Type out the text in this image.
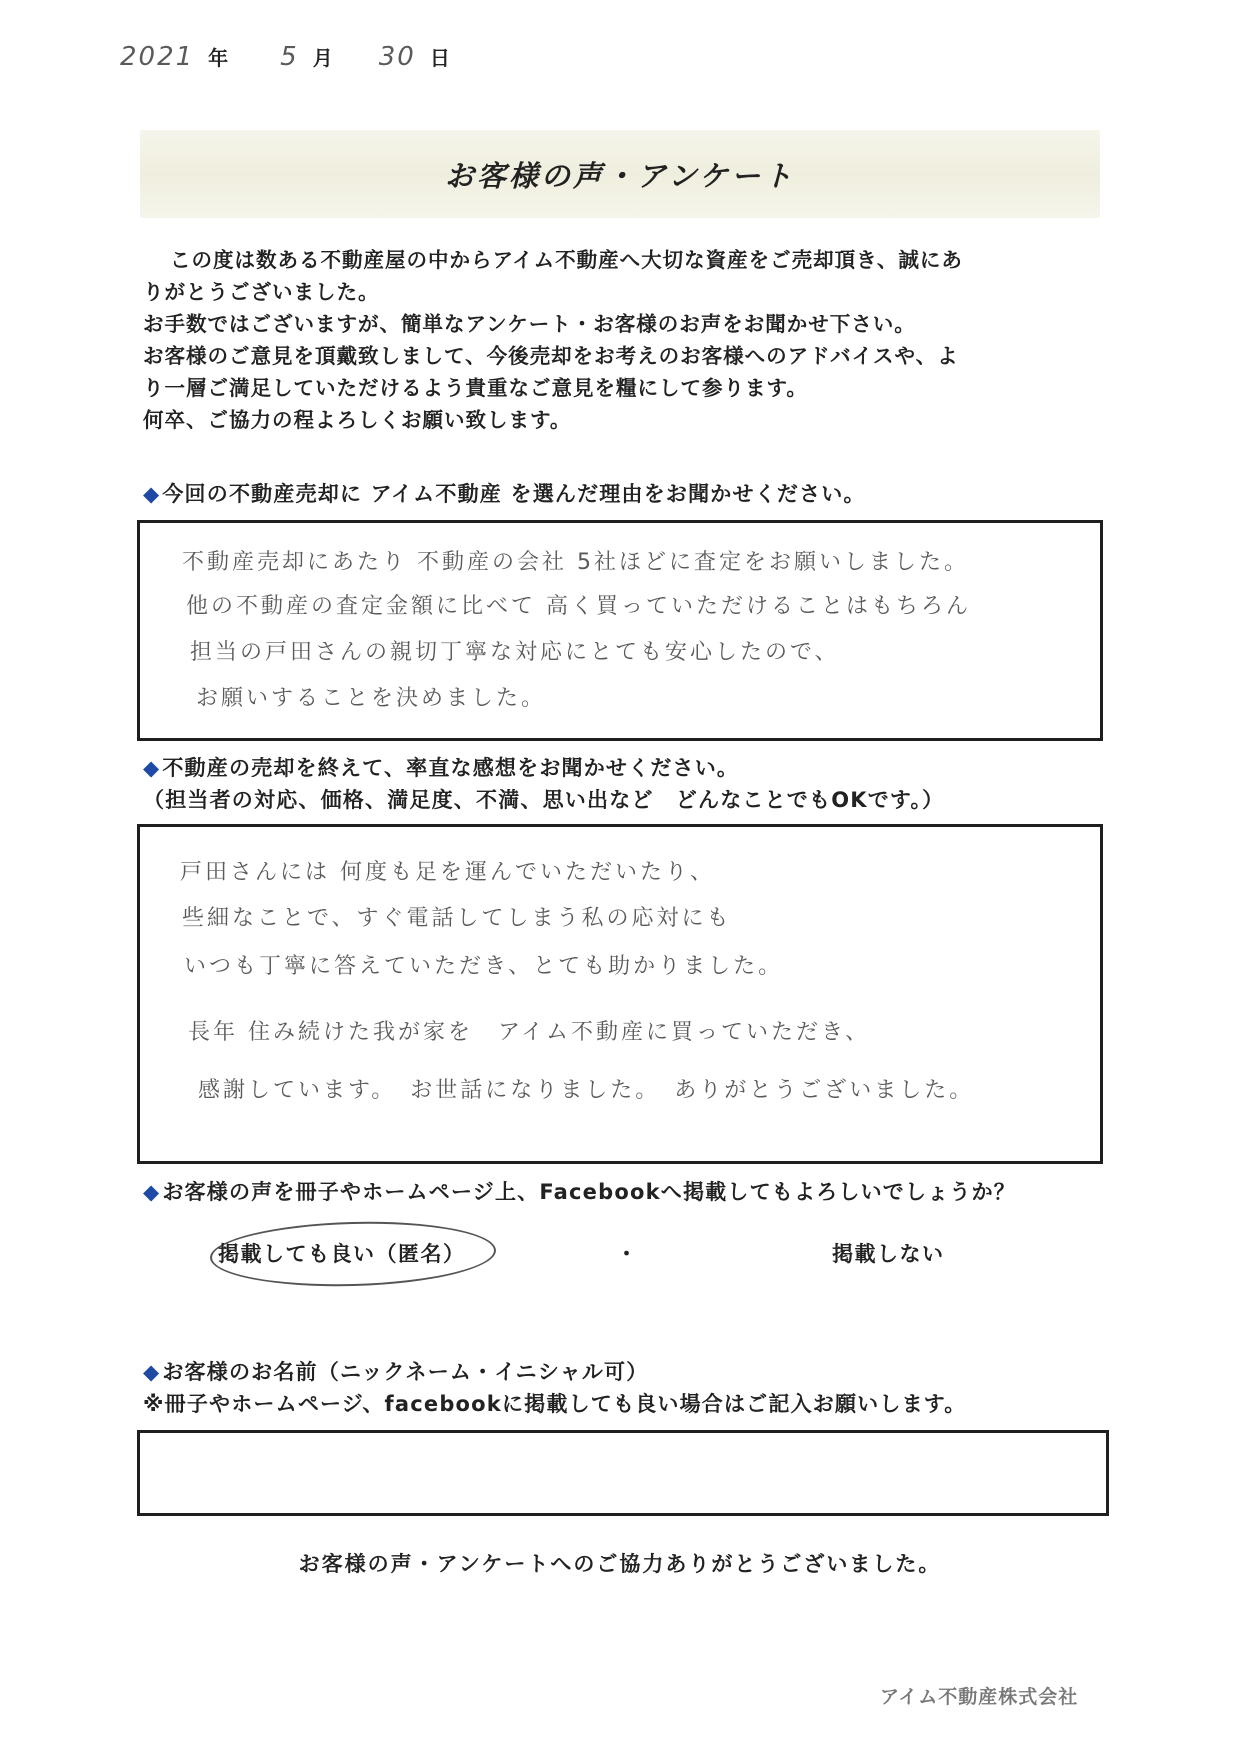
2021 年 5 月 30 日
お客様の声・アンケート

この度は数ある不動産屋の中からアイム不動産へ大切な資産をご売却頂き、誠にあ

りがとうございました。

お手数ではございますが、簡単なアンケート・お客様のお声をお聞かせ下さい。

お客様のご意見を頂戴致しまして、今後売却をお考えのお客様へのアドバイスや、よ

り一層ご満足していただけるよう貴重なご意見を糧にして参ります。

何卒、ご協力の程よろしくお願い致します。

◆今回の不動産売却に アイム不動産 を選んだ理由をお聞かせください。
不動産売却にあたり 不動産の会社 5社ほどに査定をお願いしました。
他の不動産の査定金額に比べて 高く買っていただけることはもちろん
担当の戸田さんの親切丁寧な対応にとても安心したので、
お願いすることを決めました。
◆不動産の売却を終えて、率直な感想をお聞かせください。
（担当者の対応、価格、満足度、不満、思い出など　どんなことでもOKです。）
戸田さんには 何度も足を運んでいただいたり、
些細なことで、すぐ電話してしまう私の応対にも
いつも丁寧に答えていただき、とても助かりました。
長年 住み続けた我が家を　アイム不動産に買っていただき、
感謝しています。　お世話になりました。　ありがとうございました。
◆お客様の声を冊子やホームページ上、Facebookへ掲載してもよろしいでしょうか？
掲載しても良い（匿名）	・	掲載しない
◆お客様のお名前（ニックネーム・イニシャル可）
※冊子やホームページ、facebookに掲載しても良い場合はご記入お願いします。
お客様の声・アンケートへのご協力ありがとうございました。
アイム不動産株式会社
